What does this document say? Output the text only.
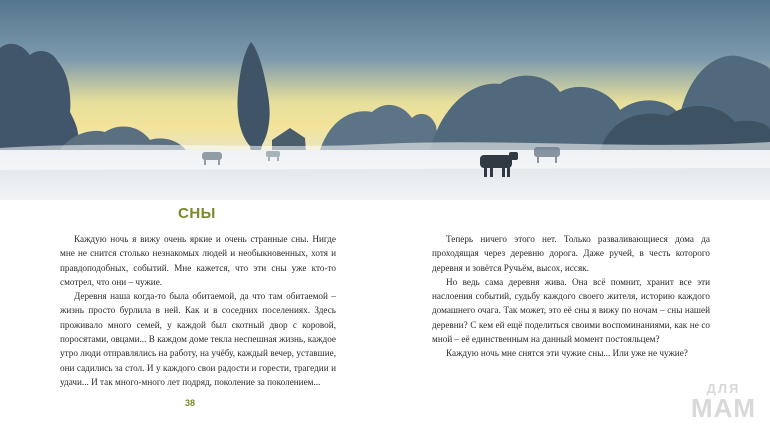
СНЫ

Каждую ночь я вижу очень яркие и очень странные сны. Нигде мне не снится столько незнакомых людей и необыкновенных, хотя и правдоподобных, событий. Мне кажется, что эти сны уже кто-то смотрел, что они – чужие.

Деревня наша когда-то была обитаемой, да что там обитаемой – жизнь просто бурлила в ней. Как и в соседних поселениях. Здесь проживало много семей, у каждой был скотный двор с коровой, поросятами, овцами... В каждом доме текла неспешная жизнь, каждое утро люди отправлялись на работу, на учёбу, каждый вечер, уставшие, они садились за стол. И у каждого свои радости и горести, трагедии и удачи... И так много-много лет подряд, поколение за поколением...

Теперь ничего этого нет. Только разваливающиеся дома да проходящая через деревню дорога. Даже ручей, в честь которого деревня и зовётся Ручьём, высох, иссяк.

Но ведь сама деревня жива. Она всё помнит, хранит все эти наслоения событий, судьбу каждого своего жителя, историю каждого домашнего очага. Так может, это её сны я вижу по ночам – сны нашей деревни? С кем ей ещё поделиться своими воспоминаниями, как не со мной – её единственным на данный момент постояльцем?

Каждую ночь мне снятся эти чужие сны... Или уже не чужие?

38
ДЛЯ
МАМ
